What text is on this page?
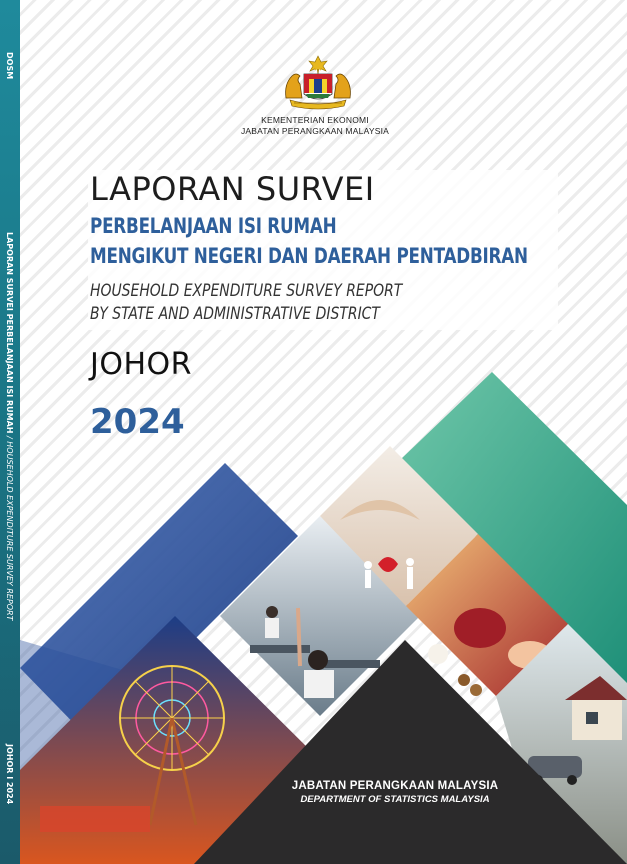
DOSM
LAPORAN SURVEI PERBELANJAAN ISI RUMAH / HOUSEHOLD EXPENDITURE SURVEY REPORT
JOHOR I 2024
KEMENTERIAN EKONOMI
JABATAN PERANGKAAN MALAYSIA
LAPORAN SURVEI
PERBELANJAAN ISI RUMAH
MENGIKUT NEGERI DAN DAERAH PENTADBIRAN
HOUSEHOLD EXPENDITURE SURVEY REPORT
BY STATE AND ADMINISTRATIVE DISTRICT
JOHOR
2024
JABATAN PERANGKAAN MALAYSIA
DEPARTMENT OF STATISTICS MALAYSIA
